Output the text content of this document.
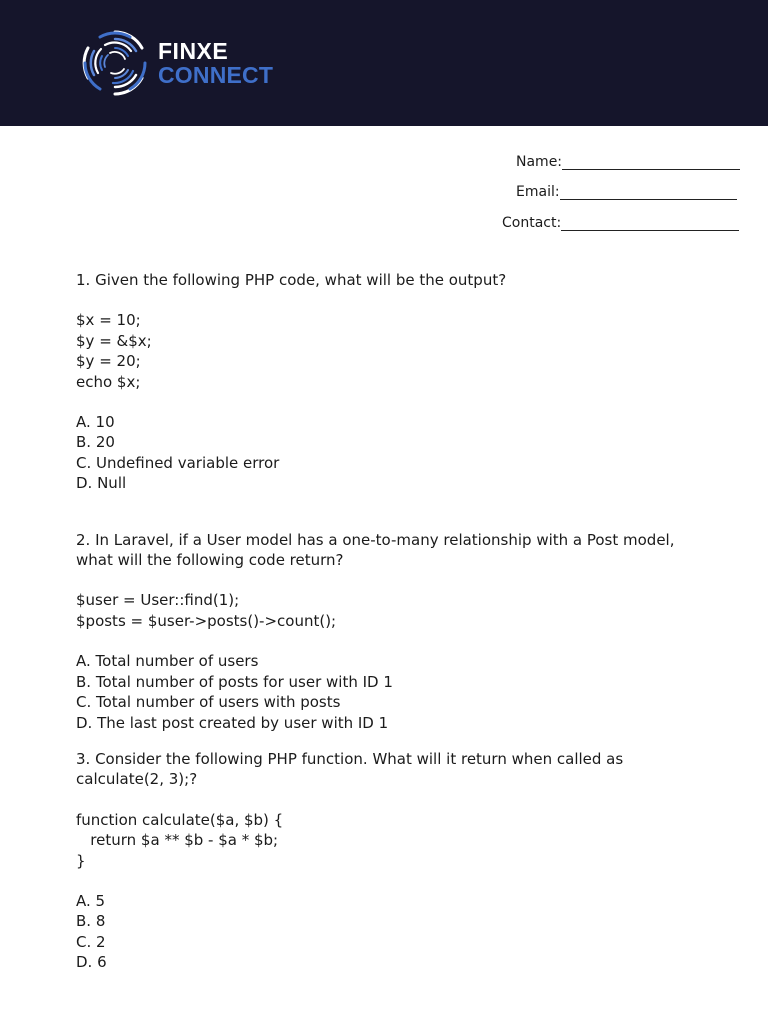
FINXE
CONNECT
Name:
Email:
Contact:

1. Given the following PHP code, what will be the output?

$x = 10;

$y = &$x;

$y = 20;

echo $x;

A. 10

B. 20

C. Undefined variable error

D. Null

2. In Laravel, if a User model has a one-to-many relationship with a Post model, what will the following code return?

$user = User::find(1);

$posts = $user->posts()->count();

A. Total number of users

B. Total number of posts for user with ID 1

C. Total number of users with posts

D. The last post created by user with ID 1

3. Consider the following PHP function. What will it return when called as calculate(2, 3);?

function calculate($a, $b) {

return $a ** $b - $a * $b;

}

A. 5

B. 8

C. 2

D. 6
